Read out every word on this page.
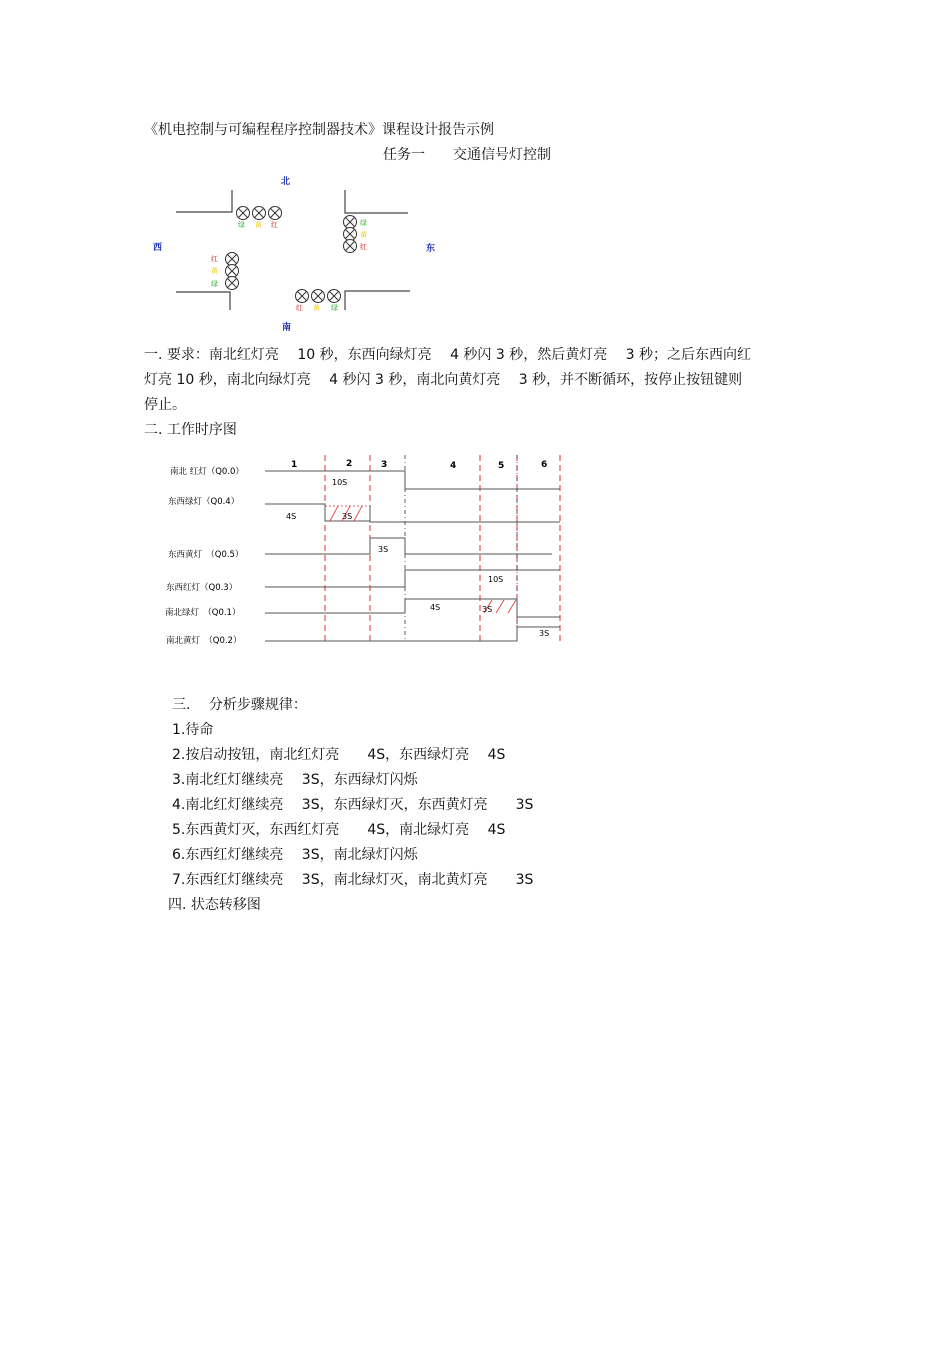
《机电控制与可编程程序控制器技术》课程设计报告示例
任务一　　交通信号灯控制
北
西	东
南
绿 黄 红	绿
黄
红
红
黄
绿
红 黄 绿
一. 要求：南北红灯亮　 10 秒，东西向绿灯亮　 4 秒闪 3 秒，然后黄灯亮　 3 秒；之后东西向红
灯亮 10 秒，南北向绿灯亮　 4 秒闪 3 秒，南北向黄灯亮　 3 秒，并不断循环，按停止按钮键则
停止。
二. 工作时序图
1	2	3	4	5	6
南北 红灯（Q0.0）
东西绿灯（Q0.4）
东西黄灯　（Q0.5）
东西红灯（Q0.3）
南北绿灯　（Q0.1）
南北黄灯　（Q0.2）
10S
4S	3S
3S
10S
4S	3S
3S
三.　 分析步骤规律：
1.待命
2.按启动按钮，南北红灯亮　　4S，东西绿灯亮　 4S
3.南北红灯继续亮　 3S，东西绿灯闪烁
4.南北红灯继续亮　 3S，东西绿灯灭，东西黄灯亮　　3S
5.东西黄灯灭，东西红灯亮　　4S，南北绿灯亮　 4S
6.东西红灯继续亮　 3S，南北绿灯闪烁
7.东西红灯继续亮　 3S，南北绿灯灭，南北黄灯亮　　3S
四. 状态转移图
